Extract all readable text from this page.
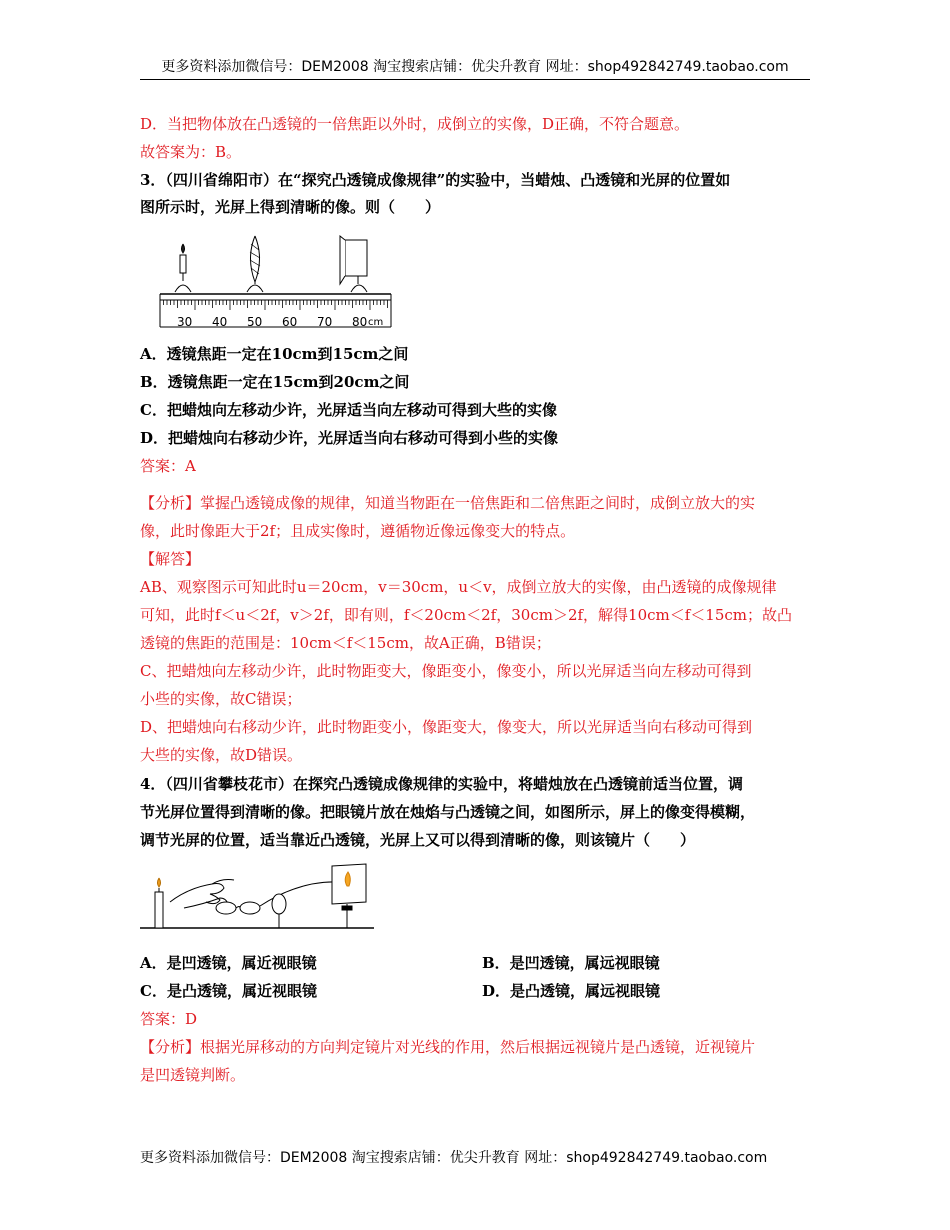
更多资料添加微信号：DEM2008 淘宝搜索店铺：优尖升教育 网址：shop492842749.taobao.com
D．当把物体放在凸透镜的一倍焦距以外时，成倒立的实像，D正确，不符合题意。
故答案为：B。
3．（四川省绵阳市）在“探究凸透镜成像规律”的实验中，当蜡烛、凸透镜和光屏的位置如
图所示时，光屏上得到清晰的像。则（　　）
30 40 50 60 70 80 cm
A．透镜焦距一定在10cm到15cm之间
B．透镜焦距一定在15cm到20cm之间
C．把蜡烛向左移动少许，光屏适当向左移动可得到大些的实像
D．把蜡烛向右移动少许，光屏适当向右移动可得到小些的实像
答案：A
【分析】掌握凸透镜成像的规律，知道当物距在一倍焦距和二倍焦距之间时，成倒立放大的实
像，此时像距大于2f；且成实像时，遵循物近像远像变大的特点。
【解答】
AB、观察图示可知此时u＝20cm，v＝30cm，u＜v，成倒立放大的实像，由凸透镜的成像规律
可知，此时f＜u＜2f，v＞2f，即有则，f＜20cm＜2f，30cm＞2f，解得10cm＜f＜15cm；故凸
透镜的焦距的范围是：10cm＜f＜15cm，故A正确，B错误；
C、把蜡烛向左移动少许，此时物距变大，像距变小，像变小，所以光屏适当向左移动可得到
小些的实像，故C错误；
D、把蜡烛向右移动少许，此时物距变小，像距变大，像变大，所以光屏适当向右移动可得到
大些的实像，故D错误。
4．（四川省攀枝花市）在探究凸透镜成像规律的实验中，将蜡烛放在凸透镜前适当位置，调
节光屏位置得到清晰的像。把眼镜片放在烛焰与凸透镜之间，如图所示，屏上的像变得模糊，
调节光屏的位置，适当靠近凸透镜，光屏上又可以得到清晰的像，则该镜片（　　）
A．是凹透镜，属近视眼镜	B．是凹透镜，属远视眼镜
C．是凸透镜，属近视眼镜	D．是凸透镜，属远视眼镜
答案：D
【分析】根据光屏移动的方向判定镜片对光线的作用，然后根据远视镜片是凸透镜，近视镜片
是凹透镜判断。
更多资料添加微信号：DEM2008 淘宝搜索店铺：优尖升教育 网址：shop492842749.taobao.com
